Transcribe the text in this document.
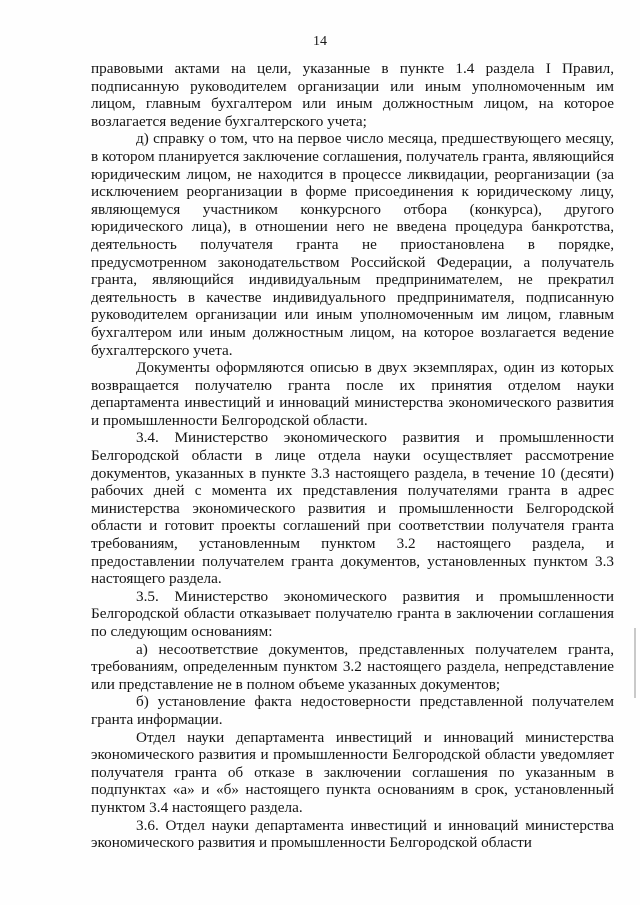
14

правовыми актами на цели, указанные в пункте 1.4 раздела I Правил, подписанную руководителем организации или иным уполномоченным им лицом, главным бухгалтером или иным должностным лицом, на которое возлагается ведение бухгалтерского учета;

д) справку о том, что на первое число месяца, предшествующего месяцу, в котором планируется заключение соглашения, получатель гранта, являющийся юридическим лицом, не находится в процессе ликвидации, реорганизации (за исключением реорганизации в форме присоединения к юридическому лицу, являющемуся участником конкурсного отбора (конкурса), другого юридического лица), в отношении него не введена процедура банкротства, деятельность получателя гранта не приостановлена в порядке, предусмотренном законодательством Российской Федерации, а получатель гранта, являющийся индивидуальным предпринимателем, не прекратил деятельность в качестве индивидуального предпринимателя, подписанную руководителем организации или иным уполномоченным им лицом, главным бухгалтером или иным должностным лицом, на которое возлагается ведение бухгалтерского учета.

Документы оформляются описью в двух экземплярах, один из которых возвращается получателю гранта после их принятия отделом науки департамента инвестиций и инноваций министерства экономического развития и промышленности Белгородской области.

3.4. Министерство экономического развития и промышленности Белгородской области в лице отдела науки осуществляет рассмотрение документов, указанных в пункте 3.3 настоящего раздела, в течение 10 (десяти) рабочих дней с момента их представления получателями гранта в адрес министерства экономического развития и промышленности Белгородской области и готовит проекты соглашений при соответствии получателя гранта требованиям, установленным пунктом 3.2 настоящего раздела, и предоставлении получателем гранта документов, установленных пунктом 3.3 настоящего раздела.

3.5. Министерство экономического развития и промышленности Белгородской области отказывает получателю гранта в заключении соглашения по следующим основаниям:

а) несоответствие документов, представленных получателем гранта, требованиям, определенным пунктом 3.2 настоящего раздела, непредставление или представление не в полном объеме указанных документов;

б) установление факта недостоверности представленной получателем гранта информации.

Отдел науки департамента инвестиций и инноваций министерства экономического развития и промышленности Белгородской области уведомляет получателя гранта об отказе в заключении соглашения по указанным в подпунктах «а» и «б» настоящего пункта основаниям в срок, установленный пунктом 3.4 настоящего раздела.

3.6. Отдел науки департамента инвестиций и инноваций министерства экономического развития и промышленности Белгородской области
